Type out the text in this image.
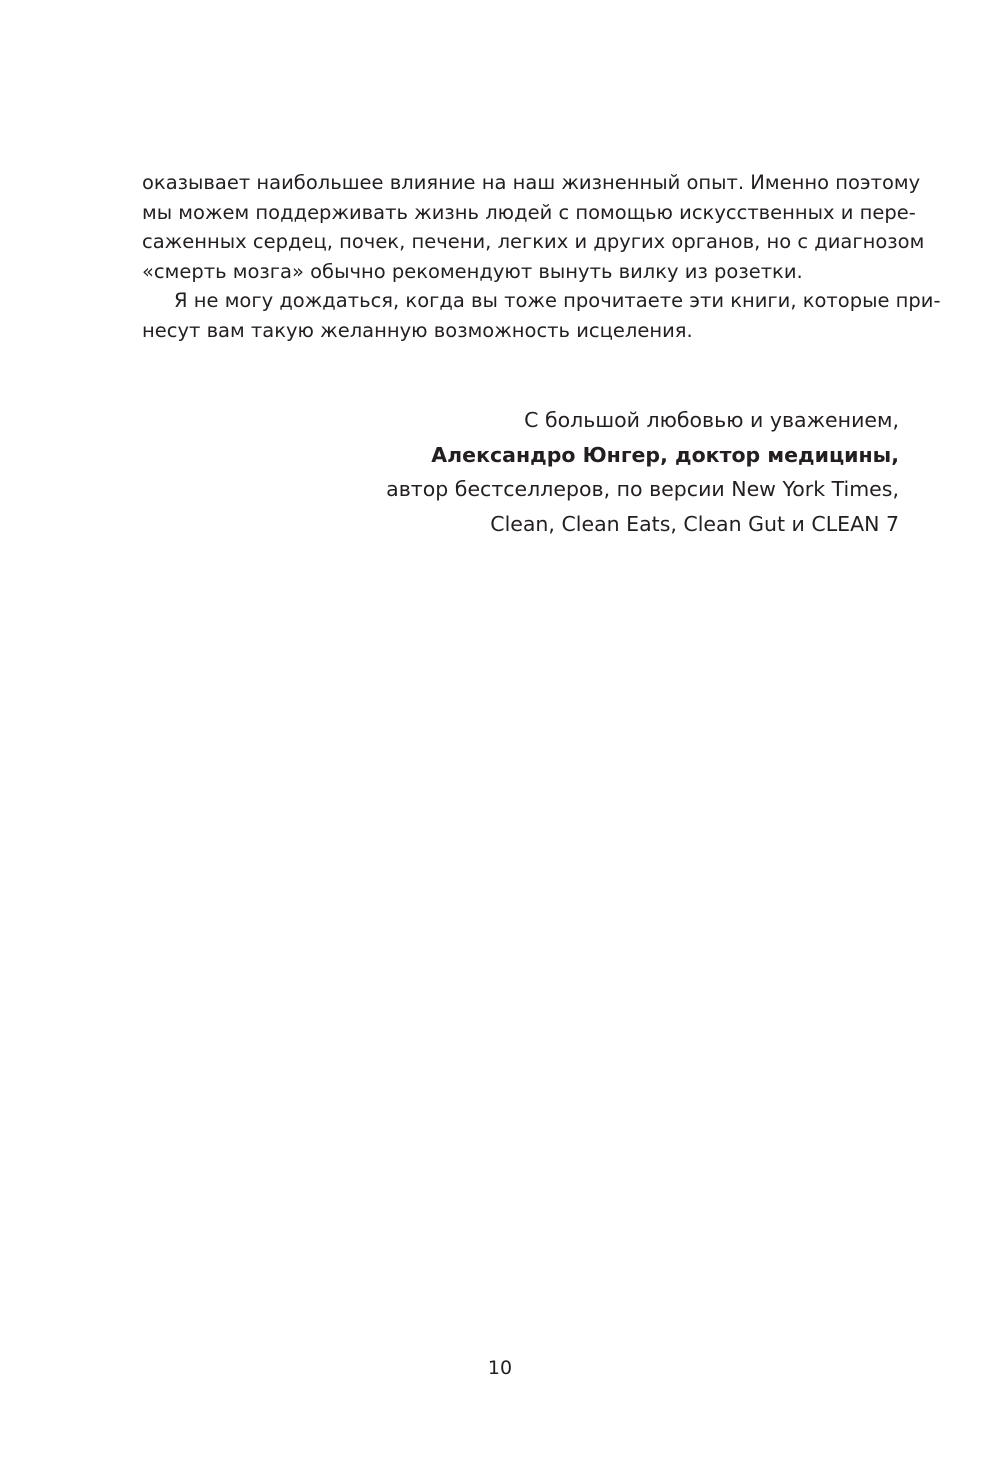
оказывает наибольшее влияние на наш жизненный опыт. Именно поэтому
мы можем поддерживать жизнь людей с помощью искусственных и пере-
саженных сердец, почек, печени, легких и других органов, но с диагнозом
«смерть мозга» обычно рекомендуют вынуть вилку из розетки.
Я не могу дождаться, когда вы тоже прочитаете эти книги, которые при-
несут вам такую желанную возможность исцеления.
С большой любовью и уважением,
Александро Юнгер, доктор медицины,
автор бестселлеров, по версии New York Times,
Clean, Clean Eats, Clean Gut и CLEAN 7
10
